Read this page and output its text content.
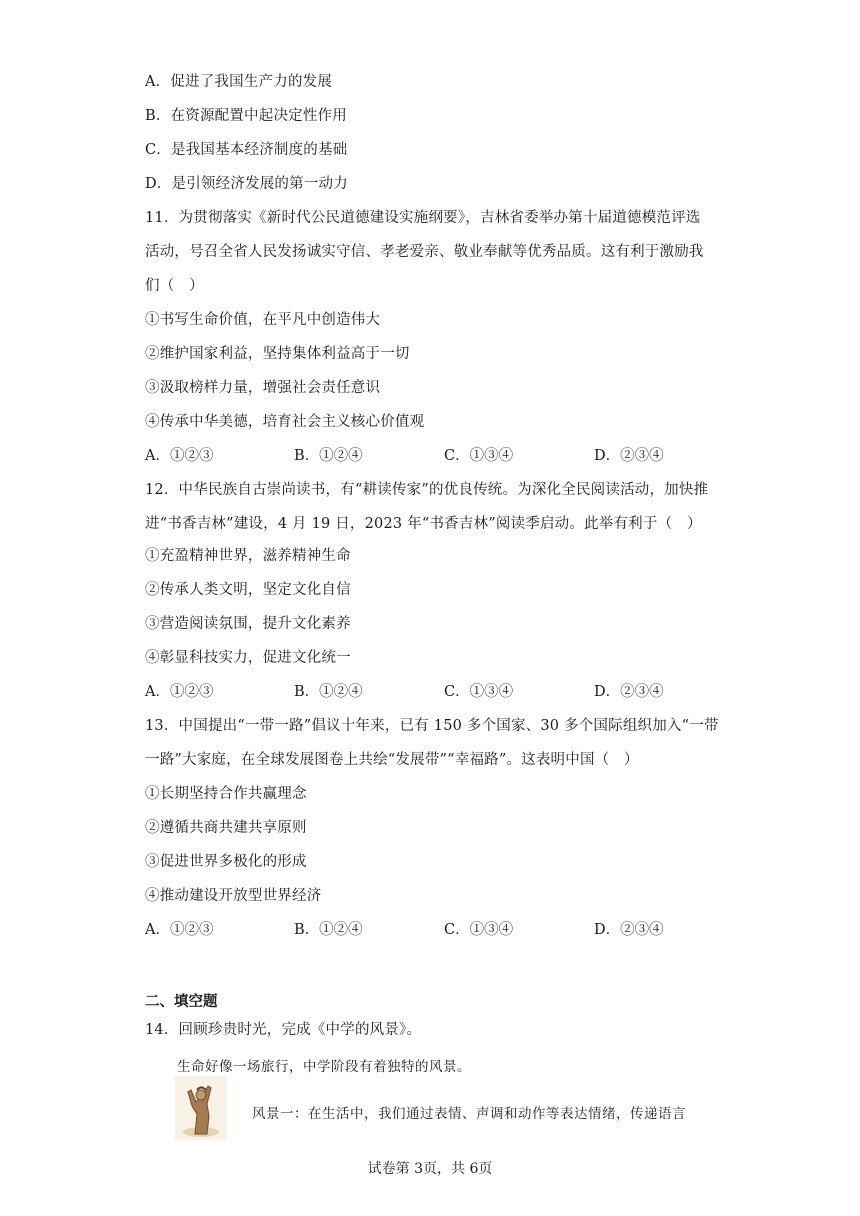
A．促进了我国生产力的发展
B．在资源配置中起决定性作用
C．是我国基本经济制度的基础
D．是引领经济发展的第一动力
11．为贯彻落实《新时代公民道德建设实施纲要》，吉林省委举办第十届道德模范评选
活动，号召全省人民发扬诚实守信、孝老爱亲、敬业奉献等优秀品质。这有利于激励我
们（　）
①书写生命价值，在平凡中创造伟大
②维护国家利益，坚持集体利益高于一切
③汲取榜样力量，增强社会责任意识
④传承中华美德，培育社会主义核心价值观
A．①②③	B．①②④	C．①③④	D．②③④
12．中华民族自古崇尚读书，有“耕读传家”的优良传统。为深化全民阅读活动，加快推
进“书香吉林”建设，4 月 19 日，2023 年“书香吉林”阅读季启动。此举有利于（　）
①充盈精神世界，滋养精神生命
②传承人类文明，坚定文化自信
③营造阅读氛围，提升文化素养
④彰显科技实力，促进文化统一
A．①②③	B．①②④	C．①③④	D．②③④
13．中国提出“一带一路”倡议十年来，已有 150 多个国家、30 多个国际组织加入“一带
一路”大家庭，在全球发展图卷上共绘“发展带”“幸福路”。这表明中国（　）
①长期坚持合作共赢理念
②遵循共商共建共享原则
③促进世界多极化的形成
④推动建设开放型世界经济
A．①②③	B．①②④	C．①③④	D．②③④
二、填空题
14．回顾珍贵时光，完成《中学的风景》。
生命好像一场旅行，中学阶段有着独特的风景。
风景一：在生活中，我们通过表情、声调和动作等表达情绪，传递语言
试卷第 3页，共 6页
